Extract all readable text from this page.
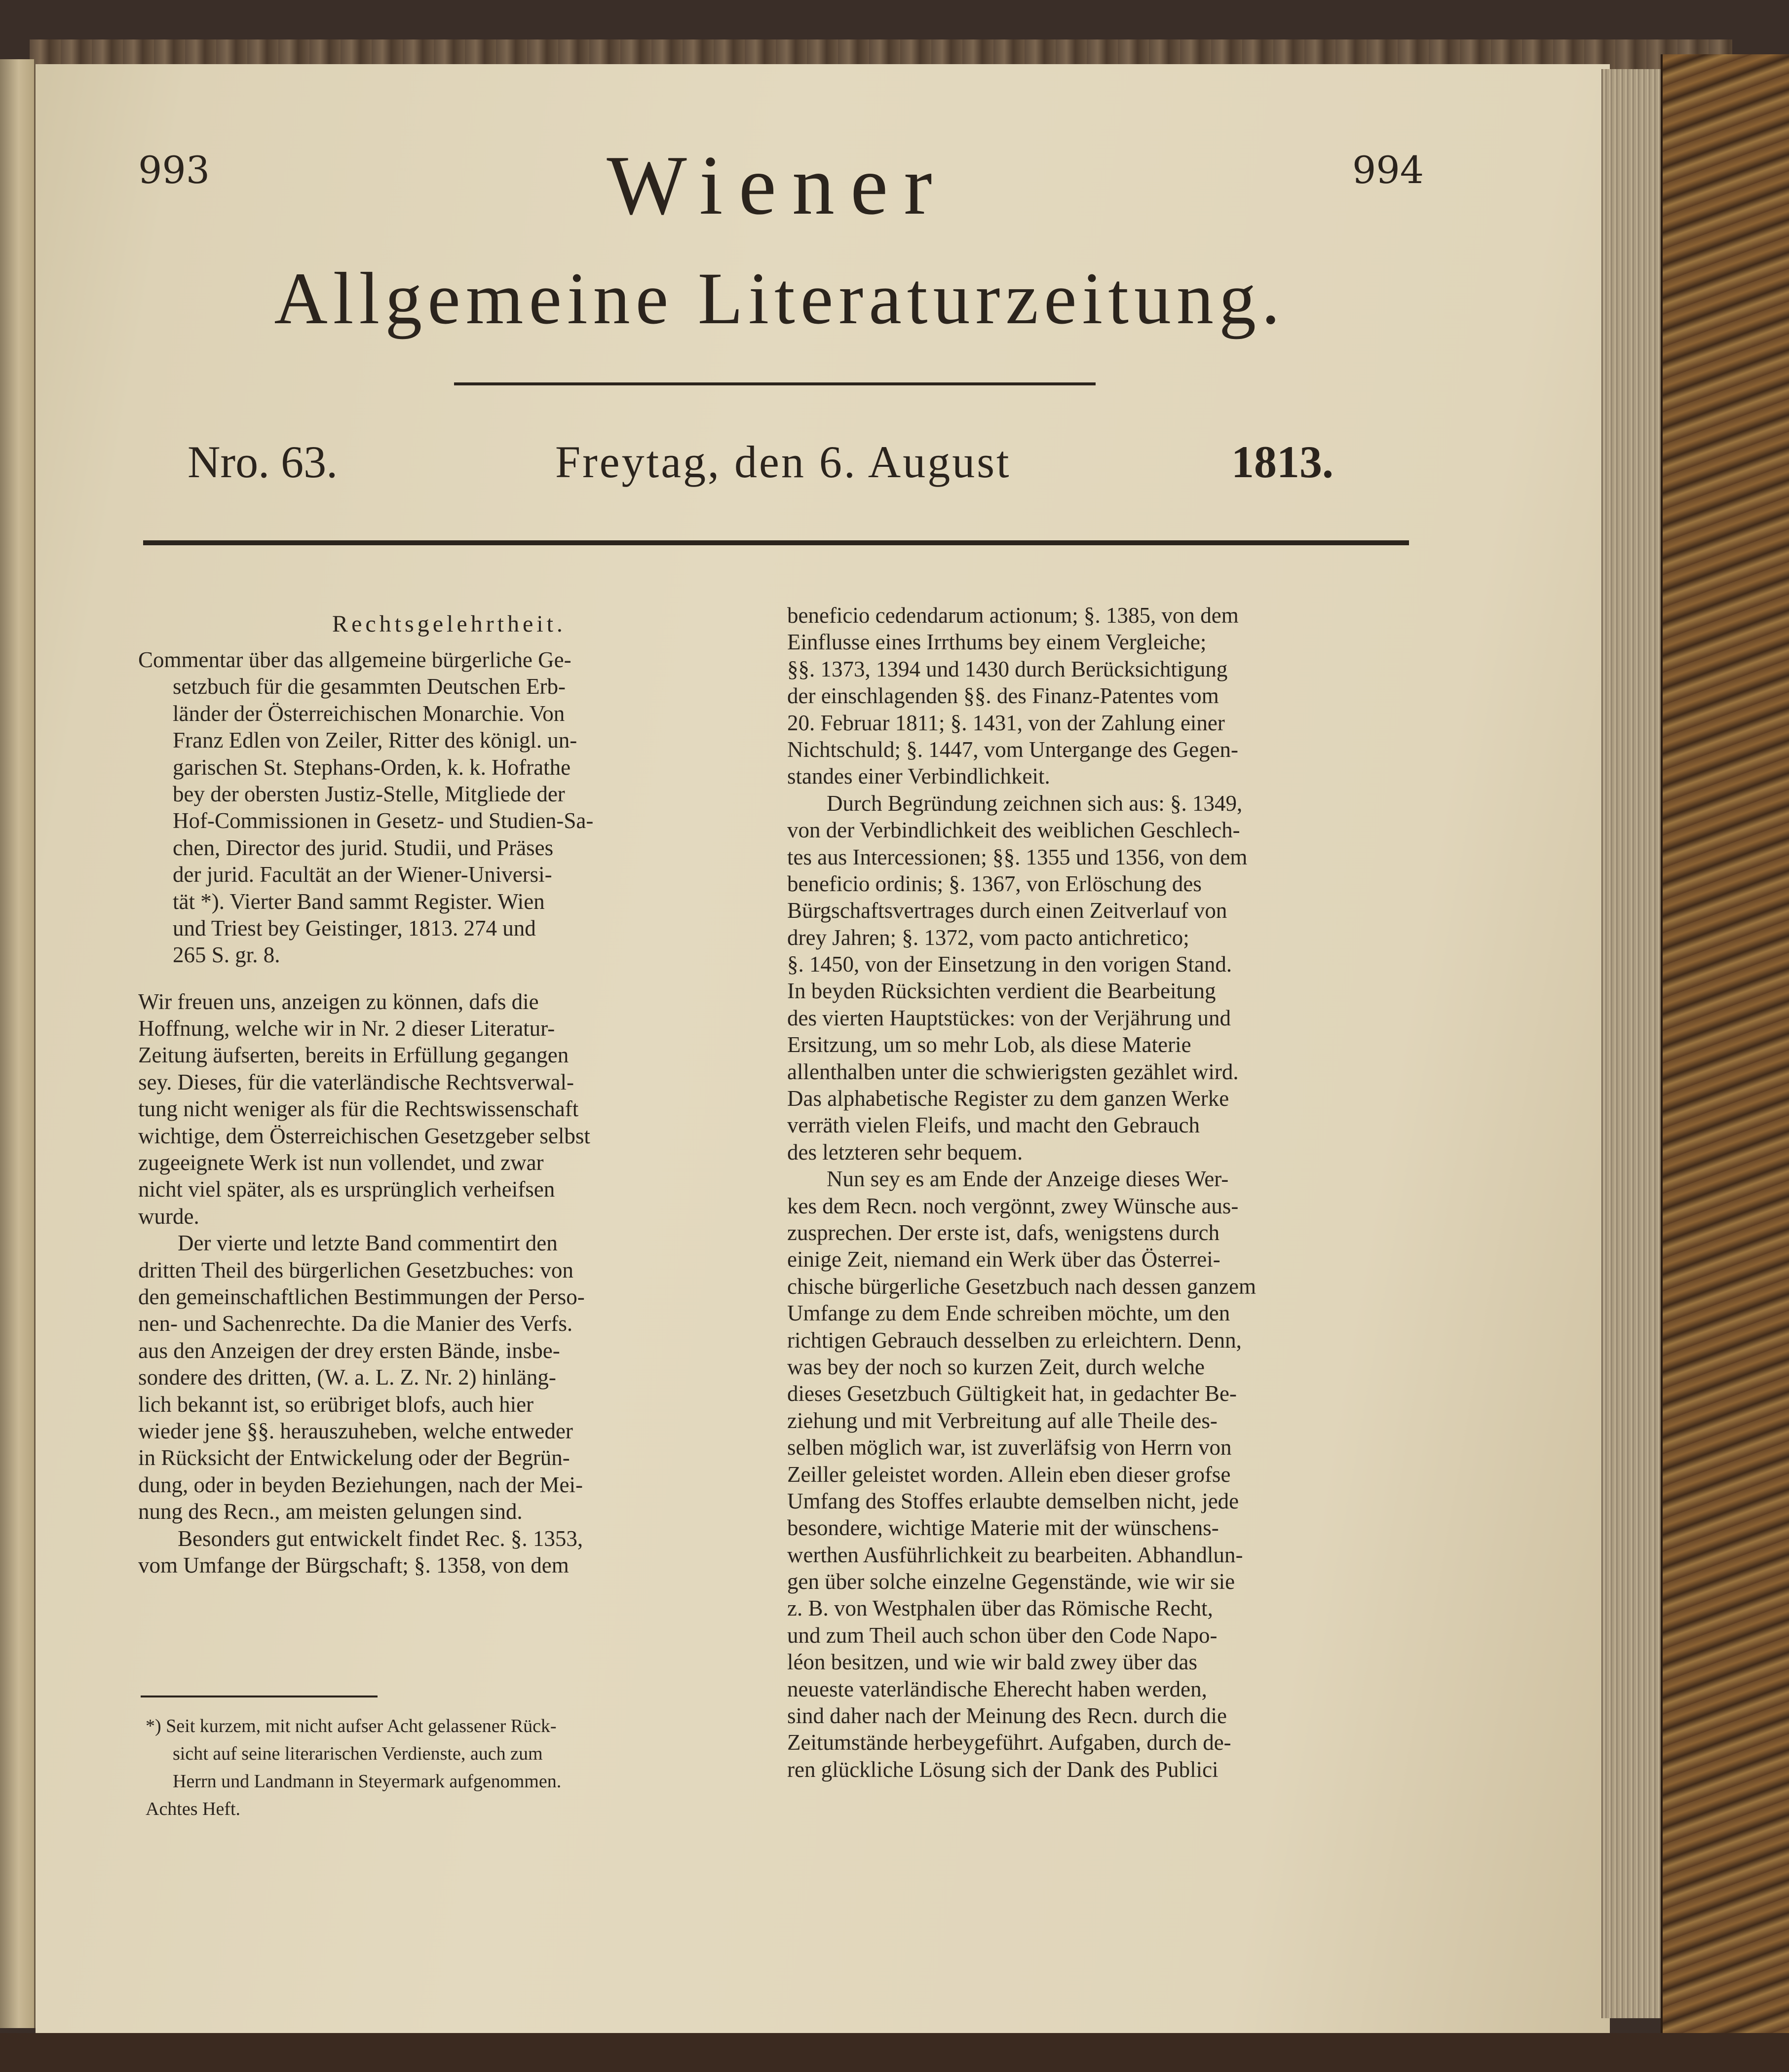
993	994
Wiener
Allgemeine Literaturzeitung.
Nro. 63.	Freytag, den 6. August	1813.
Rechtsgelehrtheit.
Commentar über das allgemeine bürgerliche Ge-
setzbuch für die gesammten Deutschen Erb-
länder der Österreichischen Monarchie. Von
Franz Edlen von Zeiler, Ritter des königl. un-
garischen St. Stephans-Orden, k. k. Hofrathe
bey der obersten Justiz-Stelle, Mitgliede der
Hof-Commissionen in Gesetz- und Studien-Sa-
chen, Director des jurid. Studii, und Präses
der jurid. Facultät an der Wiener-Universi-
tät *). Vierter Band sammt Register. Wien
und Triest bey Geistinger, 1813. 274 und
265 S. gr. 8.
Wir freuen uns, anzeigen zu können, dafs die
Hoffnung, welche wir in Nr. 2 dieser Literatur-
Zeitung äufserten, bereits in Erfüllung gegangen
sey. Dieses, für die vaterländische Rechtsverwal-
tung nicht weniger als für die Rechtswissenschaft
wichtige, dem Österreichischen Gesetzgeber selbst
zugeeignete Werk ist nun vollendet, und zwar
nicht viel später, als es ursprünglich verheifsen
wurde.
Der vierte und letzte Band commentirt den
dritten Theil des bürgerlichen Gesetzbuches: von
den gemeinschaftlichen Bestimmungen der Perso-
nen- und Sachenrechte. Da die Manier des Verfs.
aus den Anzeigen der drey ersten Bände, insbe-
sondere des dritten, (W. a. L. Z. Nr. 2) hinläng-
lich bekannt ist, so erübriget blofs, auch hier
wieder jene §§. herauszuheben, welche entweder
in Rücksicht der Entwickelung oder der Begrün-
dung, oder in beyden Beziehungen, nach der Mei-
nung des Recn., am meisten gelungen sind.
Besonders gut entwickelt findet Rec. §. 1353,
vom Umfange der Bürgschaft; §. 1358, von dem
*) Seit kurzem, mit nicht aufser Acht gelassener Rück-
sicht auf seine literarischen Verdienste, auch zum
Herrn und Landmann in Steyermark aufgenommen.
Achtes Heft.
beneficio cedendarum actionum; §. 1385, von dem
Einflusse eines Irrthums bey einem Vergleiche;
§§. 1373, 1394 und 1430 durch Berücksichtigung
der einschlagenden §§. des Finanz-Patentes vom
20. Februar 1811; §. 1431, von der Zahlung einer
Nichtschuld; §. 1447, vom Untergange des Gegen-
standes einer Verbindlichkeit.
Durch Begründung zeichnen sich aus: §. 1349,
von der Verbindlichkeit des weiblichen Geschlech-
tes aus Intercessionen; §§. 1355 und 1356, von dem
beneficio ordinis; §. 1367, von Erlöschung des
Bürgschaftsvertrages durch einen Zeitverlauf von
drey Jahren; §. 1372, vom pacto antichretico;
§. 1450, von der Einsetzung in den vorigen Stand.
In beyden Rücksichten verdient die Bearbeitung
des vierten Hauptstückes: von der Verjährung und
Ersitzung, um so mehr Lob, als diese Materie
allenthalben unter die schwierigsten gezählet wird.
Das alphabetische Register zu dem ganzen Werke
verräth vielen Fleifs, und macht den Gebrauch
des letzteren sehr bequem.
Nun sey es am Ende der Anzeige dieses Wer-
kes dem Recn. noch vergönnt, zwey Wünsche aus-
zusprechen. Der erste ist, dafs, wenigstens durch
einige Zeit, niemand ein Werk über das Österrei-
chische bürgerliche Gesetzbuch nach dessen ganzem
Umfange zu dem Ende schreiben möchte, um den
richtigen Gebrauch desselben zu erleichtern. Denn,
was bey der noch so kurzen Zeit, durch welche
dieses Gesetzbuch Gültigkeit hat, in gedachter Be-
ziehung und mit Verbreitung auf alle Theile des-
selben möglich war, ist zuverläfsig von Herrn von
Zeiller geleistet worden. Allein eben dieser grofse
Umfang des Stoffes erlaubte demselben nicht, jede
besondere, wichtige Materie mit der wünschens-
werthen Ausführlichkeit zu bearbeiten. Abhandlun-
gen über solche einzelne Gegenstände, wie wir sie
z. B. von Westphalen über das Römische Recht,
und zum Theil auch schon über den Code Napo-
léon besitzen, und wie wir bald zwey über das
neueste vaterländische Eherecht haben werden,
sind daher nach der Meinung des Recn. durch die
Zeitumstände herbeygeführt. Aufgaben, durch de-
ren glückliche Lösung sich der Dank des Publici
